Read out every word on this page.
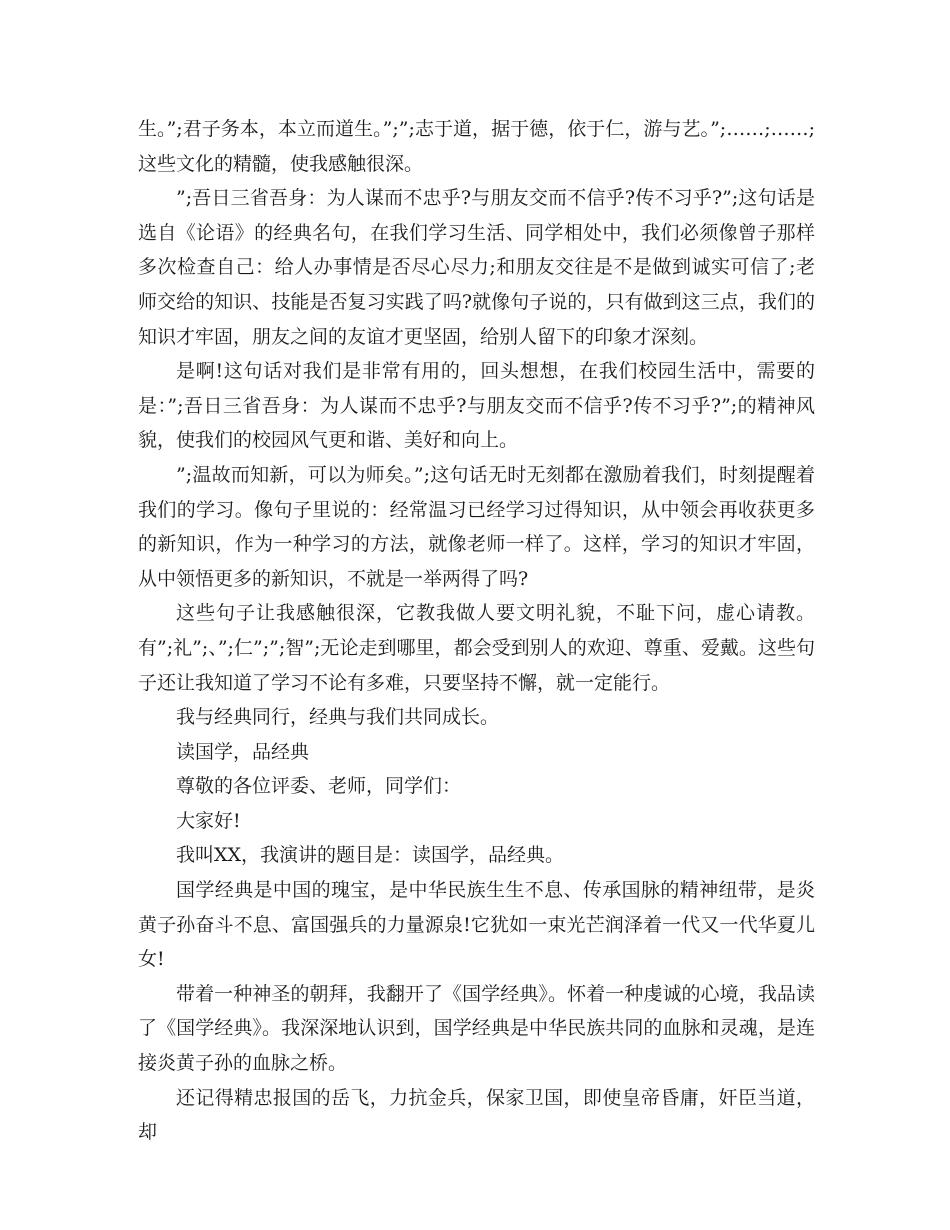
生。”;君子务本，本立而道生。”;”;志于道，据于德，依于仁，游与艺。”;……;……;这些文化的精髓，使我感触很深。

”;吾日三省吾身：为人谋而不忠乎?与朋友交而不信乎?传不习乎?”;这句话是选自《论语》的经典名句，在我们学习生活、同学相处中，我们必须像曾子那样多次检查自己：给人办事情是否尽心尽力;和朋友交往是不是做到诚实可信了;老师交给的知识、技能是否复习实践了吗?就像句子说的，只有做到这三点，我们的知识才牢固，朋友之间的友谊才更坚固，给别人留下的印象才深刻。

是啊!这句话对我们是非常有用的，回头想想，在我们校园生活中，需要的是：”;吾日三省吾身：为人谋而不忠乎?与朋友交而不信乎?传不习乎?”;的精神风貌，使我们的校园风气更和谐、美好和向上。

”;温故而知新，可以为师矣。”;这句话无时无刻都在激励着我们，时刻提醒着我们的学习。像句子里说的：经常温习已经学习过得知识，从中领会再收获更多的新知识，作为一种学习的方法，就像老师一样了。这样，学习的知识才牢固，从中领悟更多的新知识，不就是一举两得了吗?

这些句子让我感触很深，它教我做人要文明礼貌，不耻下问，虚心请教。有”;礼”;、”;仁”;”;智”;无论走到哪里，都会受到别人的欢迎、尊重、爱戴。这些句子还让我知道了学习不论有多难，只要坚持不懈，就一定能行。

我与经典同行，经典与我们共同成长。

读国学，品经典

尊敬的各位评委、老师，同学们：

大家好!

我叫XX，我演讲的题目是：读国学，品经典。

国学经典是中国的瑰宝，是中华民族生生不息、传承国脉的精神纽带，是炎黄子孙奋斗不息、富国强兵的力量源泉!它犹如一束光芒润泽着一代又一代华夏儿女!

带着一种神圣的朝拜，我翻开了《国学经典》。怀着一种虔诚的心境，我品读了《国学经典》。我深深地认识到，国学经典是中华民族共同的血脉和灵魂，是连接炎黄子孙的血脉之桥。

还记得精忠报国的岳飞，力抗金兵，保家卫国，即使皇帝昏庸，奸臣当道，却
